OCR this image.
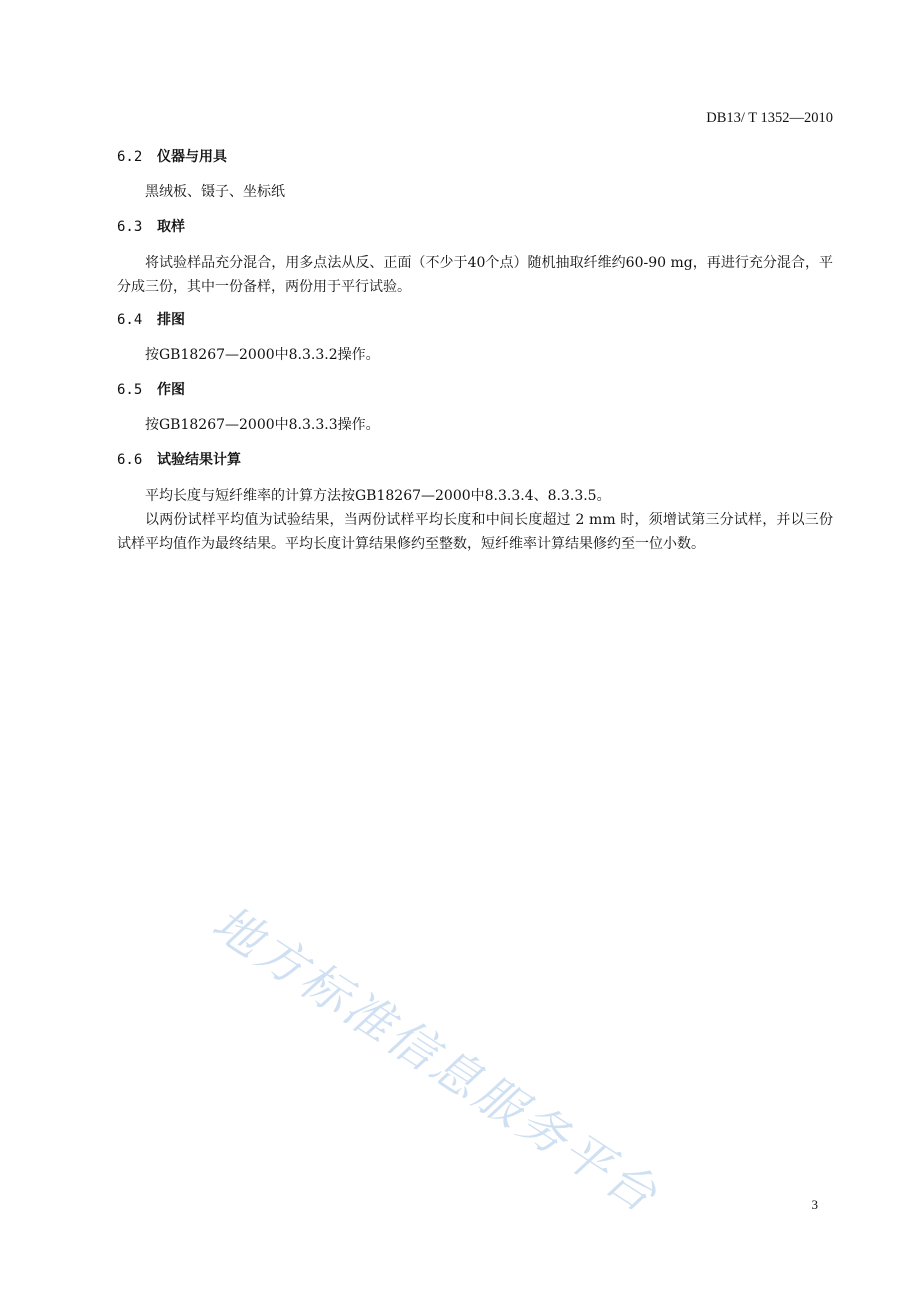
DB13/ T 1352—2010
6.2 仪器与用具

黑绒板、镊子、坐标纸

6.3 取样

将试验样品充分混合，用多点法从反、正面（不少于40个点）随机抽取纤维约60-90 mg，再进行充分混合，平分成三份，其中一份备样，两份用于平行试验。

6.4 排图

按GB18267—2000中8.3.3.2操作。

6.5 作图

按GB18267—2000中8.3.3.3操作。

6.6 试验结果计算

平均长度与短纤维率的计算方法按GB18267—2000中8.3.3.4、8.3.3.5。

以两份试样平均值为试验结果，当两份试样平均长度和中间长度超过 2 mm 时，须增试第三分试样，并以三份试样平均值作为最终结果。平均长度计算结果修约至整数，短纤维率计算结果修约至一位小数。

地方标准信息服务平台	3
